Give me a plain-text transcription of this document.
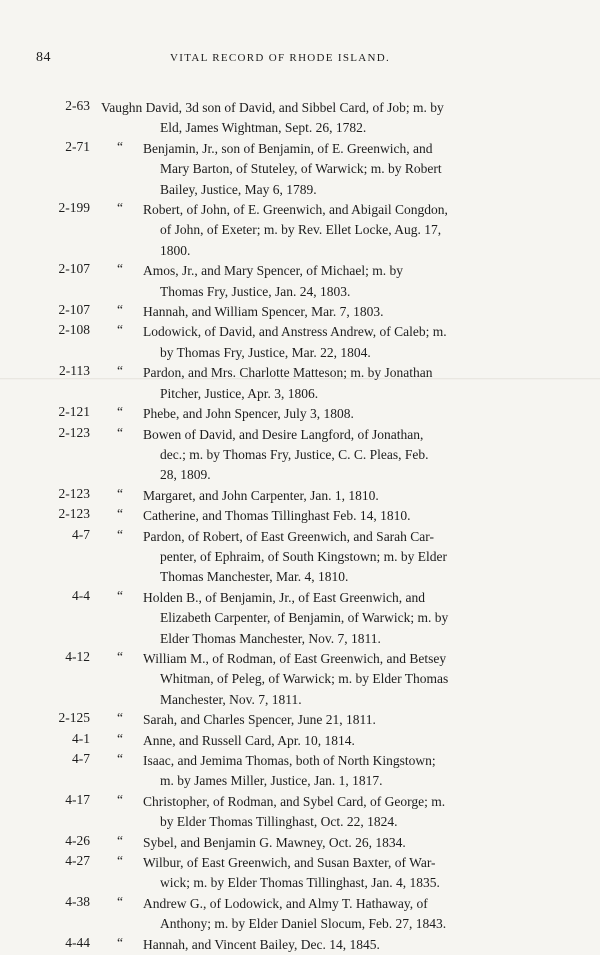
84	VITAL RECORD OF RHODE ISLAND.
2-63 Vaughn David, 3d son of David, and Sibbel Card, of Job; m. by
Eld, James Wightman, Sept. 26, 1782.
2-71 “	Benjamin, Jr., son of Benjamin, of E. Greenwich, and
Mary Barton, of Stuteley, of Warwick; m. by Robert
Bailey, Justice, May 6, 1789.
2-199 “	Robert, of John, of E. Greenwich, and Abigail Congdon,
of John, of Exeter; m. by Rev. Ellet Locke, Aug. 17,
1800.
2-107 “	Amos, Jr., and Mary Spencer, of Michael; m. by
Thomas Fry, Justice, Jan. 24, 1803.
2-107 “	Hannah, and William Spencer, Mar. 7, 1803.
2-108 “	Lodowick, of David, and Anstress Andrew, of Caleb; m.
by Thomas Fry, Justice, Mar. 22, 1804.
2-113 “	Pardon, and Mrs. Charlotte Matteson; m. by Jonathan
Pitcher, Justice, Apr. 3, 1806.
2-121 “	Phebe, and John Spencer, July 3, 1808.
2-123 “	Bowen of David, and Desire Langford, of Jonathan,
dec.; m. by Thomas Fry, Justice, C. C. Pleas, Feb.
28, 1809.
2-123 “	Margaret, and John Carpenter, Jan. 1, 1810.
2-123 “	Catherine, and Thomas Tillinghast Feb. 14, 1810.
4-7 “	Pardon, of Robert, of East Greenwich, and Sarah Car-
penter, of Ephraim, of South Kingstown; m. by Elder
Thomas Manchester, Mar. 4, 1810.
4-4 “	Holden B., of Benjamin, Jr., of East Greenwich, and
Elizabeth Carpenter, of Benjamin, of Warwick; m. by
Elder Thomas Manchester, Nov. 7, 1811.
4-12 “	William M., of Rodman, of East Greenwich, and Betsey
Whitman, of Peleg, of Warwick; m. by Elder Thomas
Manchester, Nov. 7, 1811.
2-125 “	Sarah, and Charles Spencer, June 21, 1811.
4-1 “	Anne, and Russell Card, Apr. 10, 1814.
4-7 “	Isaac, and Jemima Thomas, both of North Kingstown;
m. by James Miller, Justice, Jan. 1, 1817.
4-17 “	Christopher, of Rodman, and Sybel Card, of George; m.
by Elder Thomas Tillinghast, Oct. 22, 1824.
4-26 “	Sybel, and Benjamin G. Mawney, Oct. 26, 1834.
4-27 “	Wilbur, of East Greenwich, and Susan Baxter, of War-
wick; m. by Elder Thomas Tillinghast, Jan. 4, 1835.
4-38 “	Andrew G., of Lodowick, and Almy T. Hathaway, of
Anthony; m. by Elder Daniel Slocum, Feb. 27, 1843.
4-44 “	Hannah, and Vincent Bailey, Dec. 14, 1845.
